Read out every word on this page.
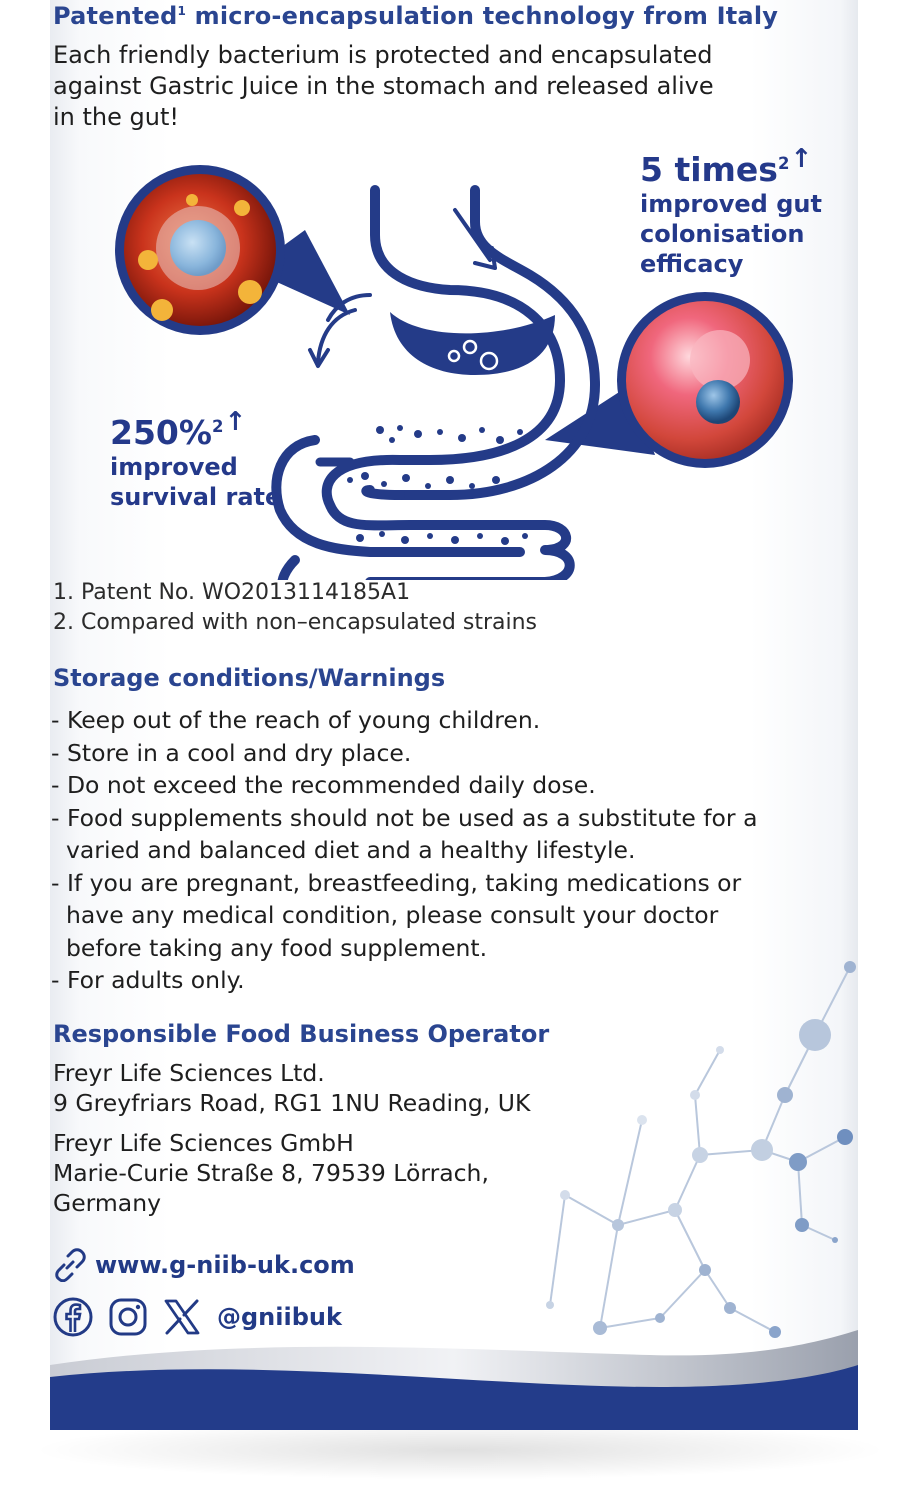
Patented$^1$ micro-encapsulation technology from Italy
Each friendly bacterium is protected and encapsulated
against Gastric Juice in the stomach and released alive
in the gut!
5 times$^{2↑}$
improved gut
colonisation
efficacy
250%$^{2↑}$
improved
survival rate
1. Patent No. WO2013114185A1
2. Compared with non–encapsulated strains
Storage conditions/Warnings
- Keep out of the reach of young children.
- Store in a cool and dry place.
- Do not exceed the recommended daily dose.
- Food supplements should not be used as a substitute for a varied and balanced diet and a healthy lifestyle.
- If you are pregnant, breastfeeding, taking medications or have any medical condition, please consult your doctor before taking any food supplement.
- For adults only.
Responsible Food Business Operator
Freyr Life Sciences Ltd.
9 Greyfriars Road, RG1 1NU Reading, UK
Freyr Life Sciences GmbH
Marie-Curie Straße 8, 79539 Lörrach,
Germany
www.g-niib-uk.com
@gniibuk
